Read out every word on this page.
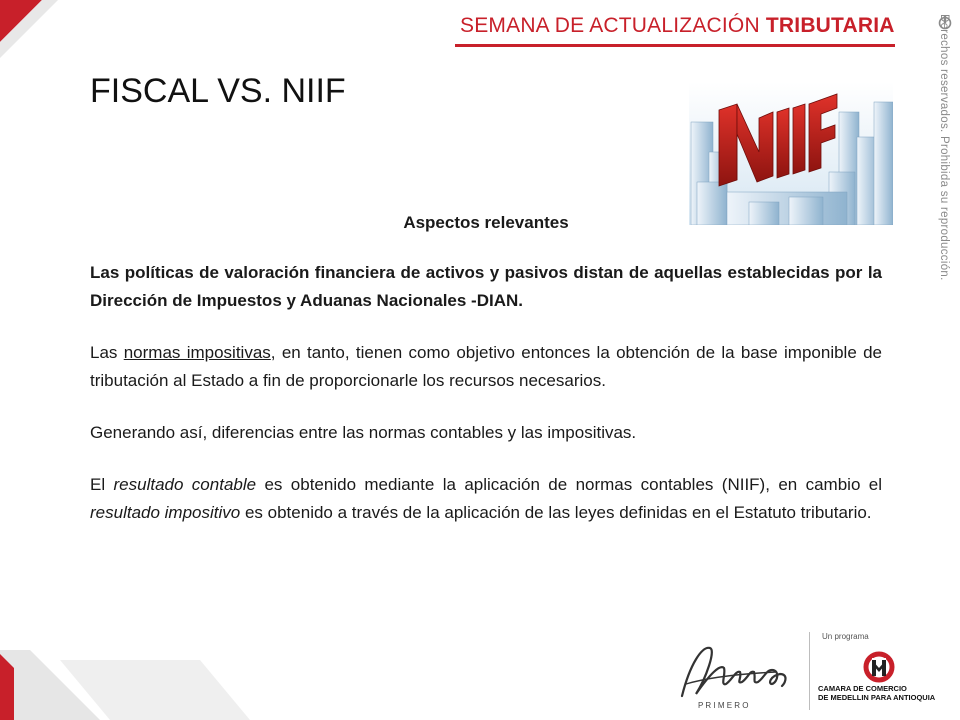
SEMANA DE ACTUALIZACIÓN TRIBUTARIA	Derechos reservados. Prohibida su reproducción.
FISCAL VS. NIIF
NIIF

Aspectos relevantes

Las políticas de valoración financiera de activos y pasivos distan de aquellas establecidas por la Dirección de Impuestos y Aduanas Nacionales -DIAN.

Las normas impositivas, en tanto, tienen como objetivo entonces la obtención de la base imponible de tributación al Estado a fin de proporcionarle los recursos necesarios.

Generando así, diferencias entre las normas contables y las impositivas.

El resultado contable es obtenido mediante la aplicación de normas contables (NIIF), en cambio el resultado impositivo es obtenido a través de la aplicación de las leyes definidas en el Estatuto tributario.

P R I M E R O
Afiliado	Un programa
CAMARA DE COMERCIO
DE MEDELLIN PARA ANTIOQUIA
